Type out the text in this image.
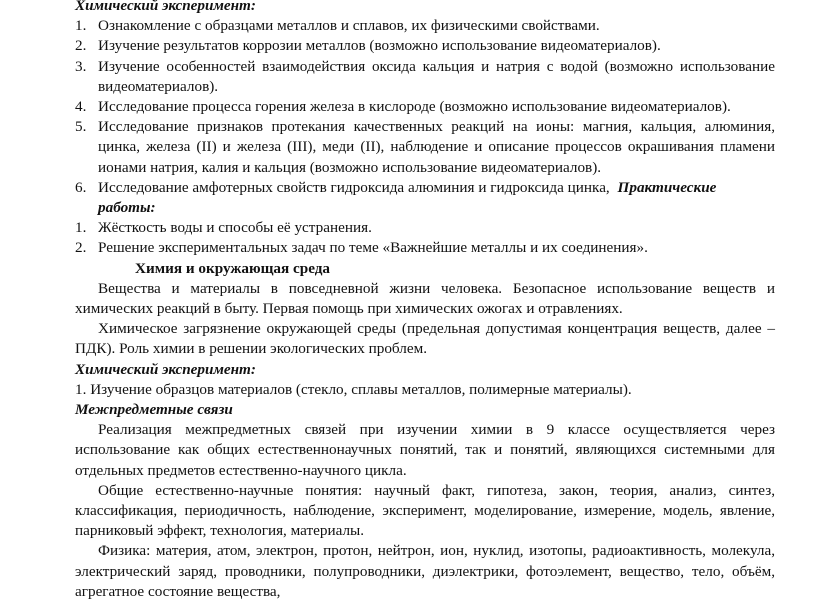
Химический эксперимент:

1. Ознакомление с образцами металлов и сплавов, их физическими свойствами.
2. Изучение результатов коррозии металлов (возможно использование видеоматериалов).
3. Изучение особенностей взаимодействия оксида кальция и натрия с водой (возможно использование видеоматериалов).
4. Исследование процесса горения железа в кислороде (возможно использование видеоматериалов).
5. Исследование признаков протекания качественных реакций на ионы: магния, кальция, алюминия, цинка, железа (II) и железа (III), меди (II), наблюдение и описание процессов окрашивания пламени ионами натрия, калия и кальция (возможно использование видеоматериалов).
6. Исследование амфотерных свойств гидроксида алюминия и гидроксида цинка, Практические работы:
1. Жёсткость воды и способы её устранения.
2. Решение экспериментальных задач по теме «Важнейшие металлы и их соединения».

Химия и окружающая среда

Вещества и материалы в повседневной жизни человека. Безопасное использование веществ и химических реакций в быту. Первая помощь при химических ожогах и отравлениях.

Химическое загрязнение окружающей среды (предельная допустимая концентрация веществ, далее – ПДК). Роль химии в решении экологических проблем.

Химический эксперимент:

1. Изучение образцов материалов (стекло, сплавы металлов, полимерные материалы).

Межпредметные связи

Реализация межпредметных связей при изучении химии в 9 классе осуществляется через использование как общих естественнонаучных понятий, так и понятий, являющихся системными для отдельных предметов естественно-научного цикла.

Общие естественно-научные понятия: научный факт, гипотеза, закон, теория, анализ, синтез, классификация, периодичность, наблюдение, эксперимент, моделирование, измерение, модель, явление, парниковый эффект, технология, материалы.

Физика: материя, атом, электрон, протон, нейтрон, ион, нуклид, изотопы, радиоактивность, молекула, электрический заряд, проводники, полупроводники, диэлектрики, фотоэлемент, вещество, тело, объём, агрегатное состояние вещества,
